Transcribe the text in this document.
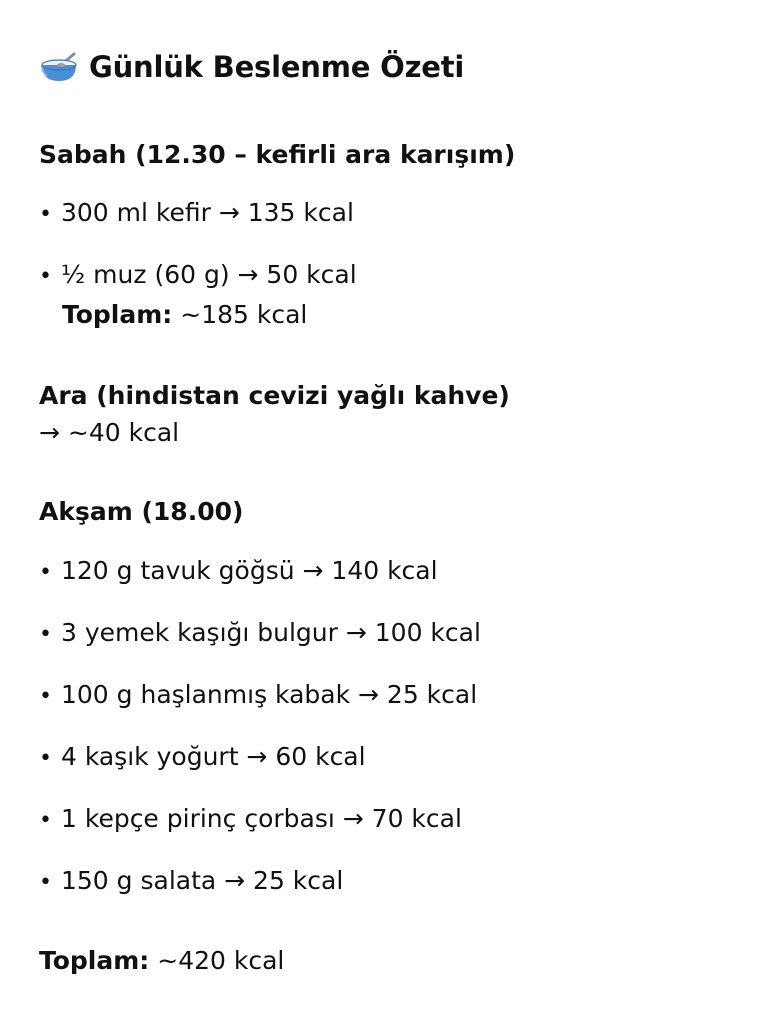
Günlük Beslenme Özeti
Sabah (12.30 – kefirli ara karışım)
• 300 ml kefir → 135 kcal
• ½ muz (60 g) → 50 kcal
Toplam: ~185 kcal
Ara (hindistan cevizi yağlı kahve)
→ ~40 kcal
Akşam (18.00)
• 120 g tavuk göğsü → 140 kcal
• 3 yemek kaşığı bulgur → 100 kcal
• 100 g haşlanmış kabak → 25 kcal
• 4 kaşık yoğurt → 60 kcal
• 1 kepçe pirinç çorbası → 70 kcal
• 150 g salata → 25 kcal
Toplam: ~420 kcal
